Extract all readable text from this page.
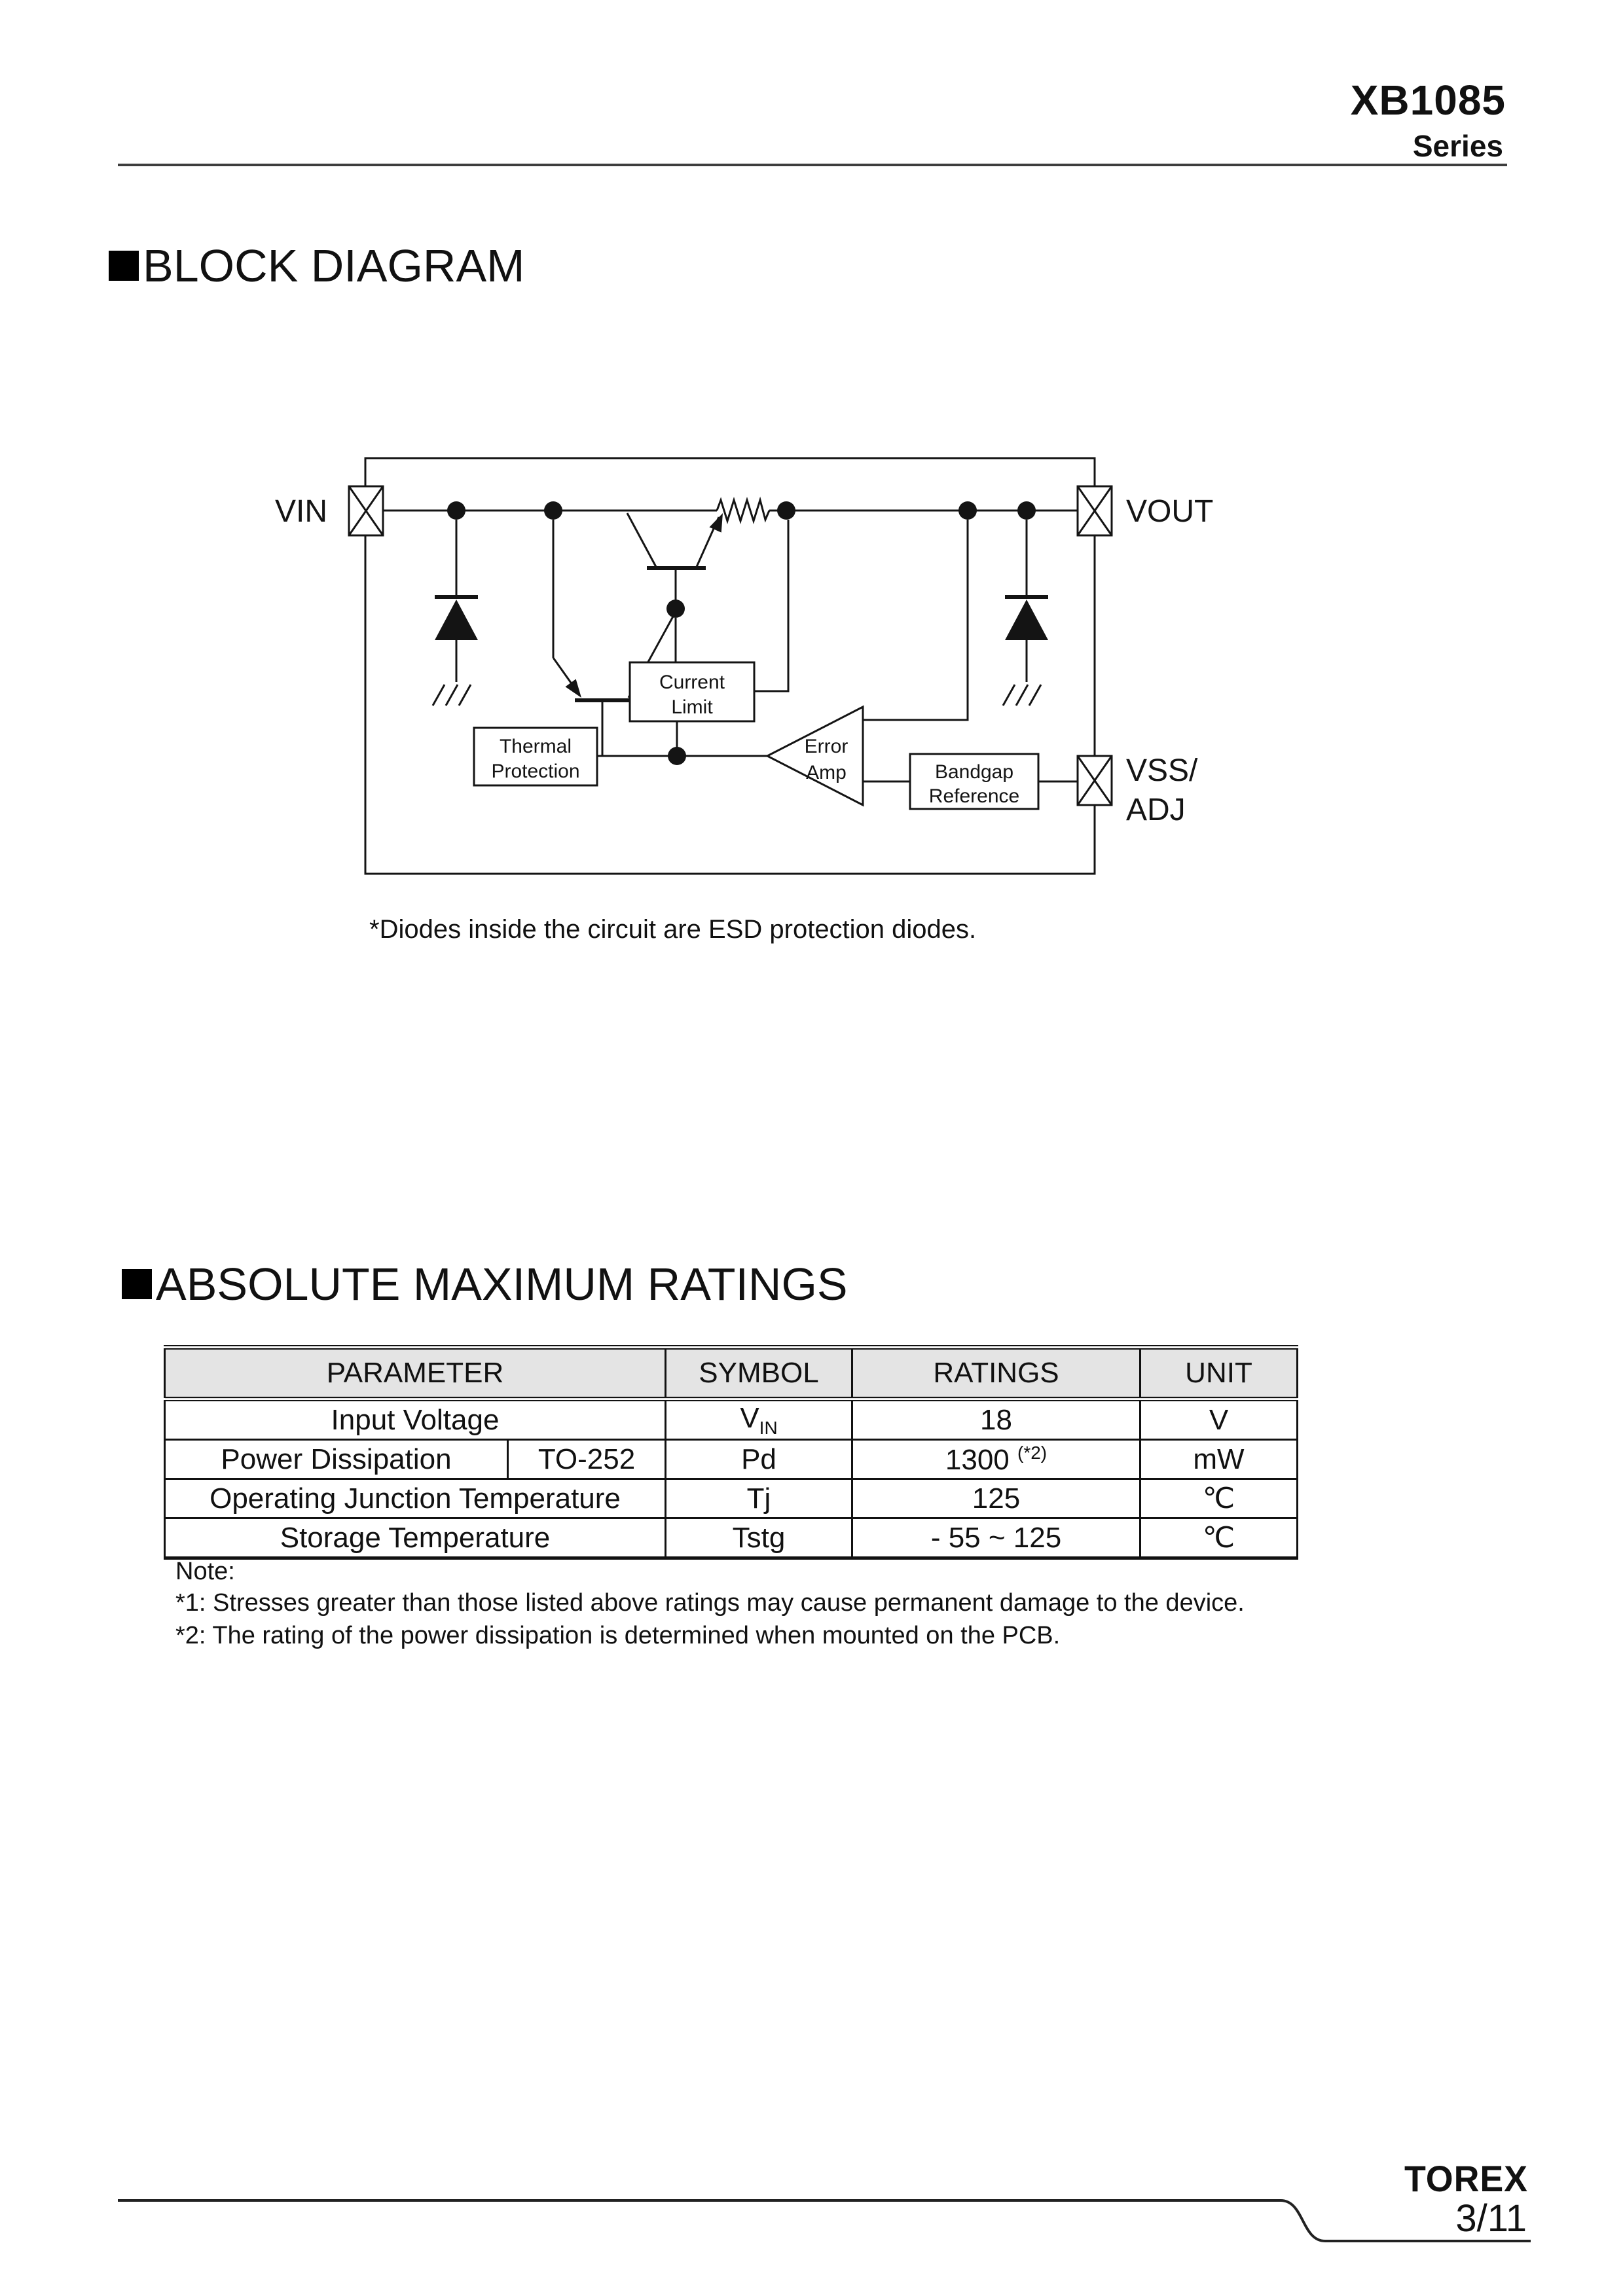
XB1085
Series
BLOCK DIAGRAM
Current
Limit
Thermal
Protection
Error
Amp	Bandgap
Reference
VIN	VOUT
VSS/
ADJ
*Diodes inside the circuit are ESD protection diodes.
ABSOLUTE MAXIMUM RATINGS
PARAMETER		SYMBOL	RATINGS	UNIT
Input Voltage		$V_{IN}$	18	V
Power Dissipation	TO-252	Pd	1300 $^{(*2)}$	mW
Operating Junction Temperature		Tj	125	℃
Storage Temperature		Tstg	- 55 ~ 125	℃
Note:
*1: Stresses greater than those listed above ratings may cause permanent damage to the device.
*2: The rating of the power dissipation is determined when mounted on the PCB.
TOREX
3/11
